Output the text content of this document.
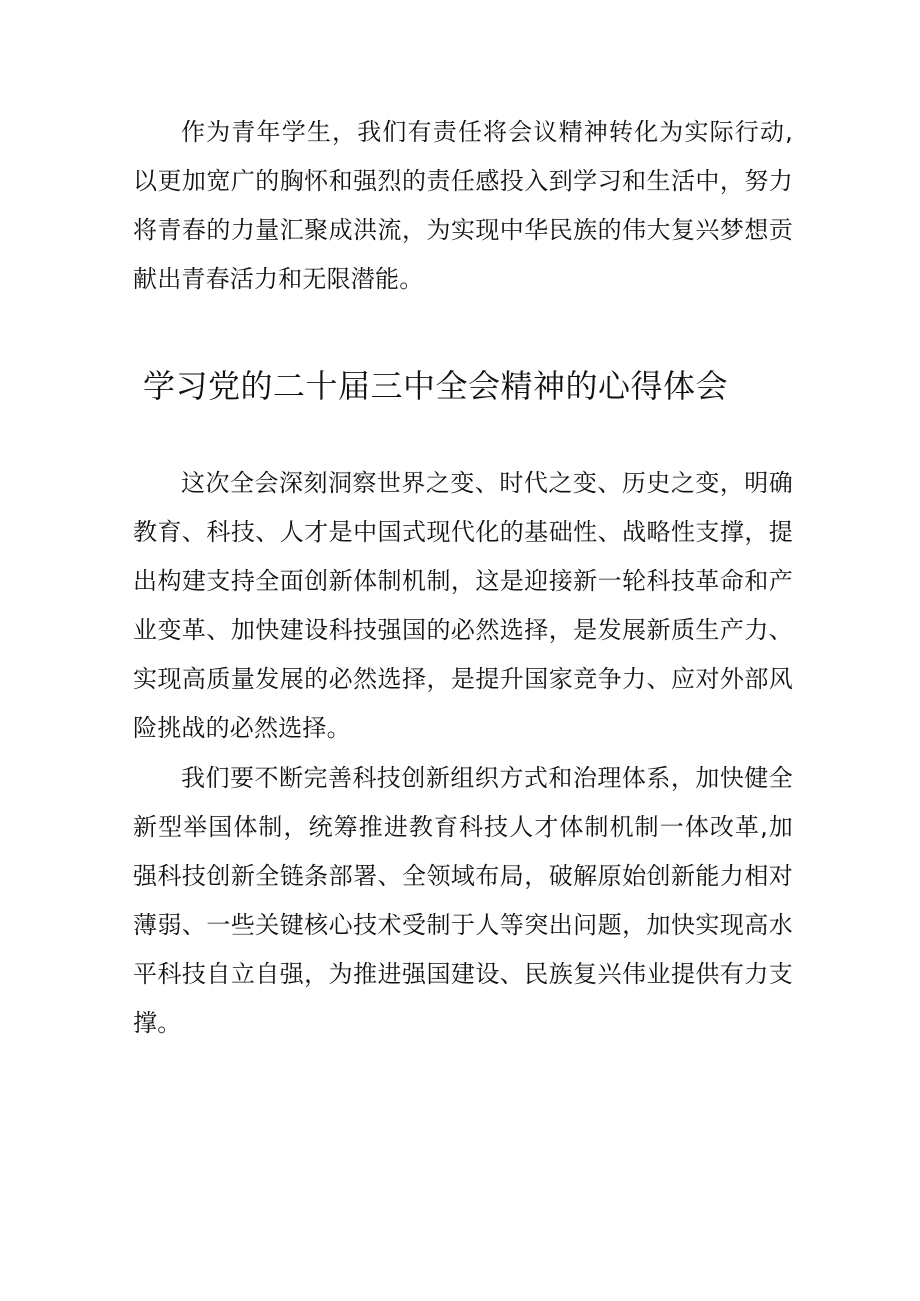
作为青年学生，我们有责任将会议精神转化为实际行动,以更加宽广的胸怀和强烈的责任感投入到学习和生活中，努力将青春的力量汇聚成洪流，为实现中华民族的伟大复兴梦想贡献出青春活力和无限潜能。

学习党的二十届三中全会精神的心得体会

这次全会深刻洞察世界之变、时代之变、历史之变，明确教育、科技、人才是中国式现代化的基础性、战略性支撑，提出构建支持全面创新体制机制，这是迎接新一轮科技革命和产业变革、加快建设科技强国的必然选择，是发展新质生产力、实现高质量发展的必然选择，是提升国家竞争力、应对外部风险挑战的必然选择。

我们要不断完善科技创新组织方式和治理体系，加快健全新型举国体制，统筹推进教育科技人才体制机制一体改革,加强科技创新全链条部署、全领域布局，破解原始创新能力相对薄弱、一些关键核心技术受制于人等突出问题，加快实现高水平科技自立自强，为推进强国建设、民族复兴伟业提供有力支撑。
